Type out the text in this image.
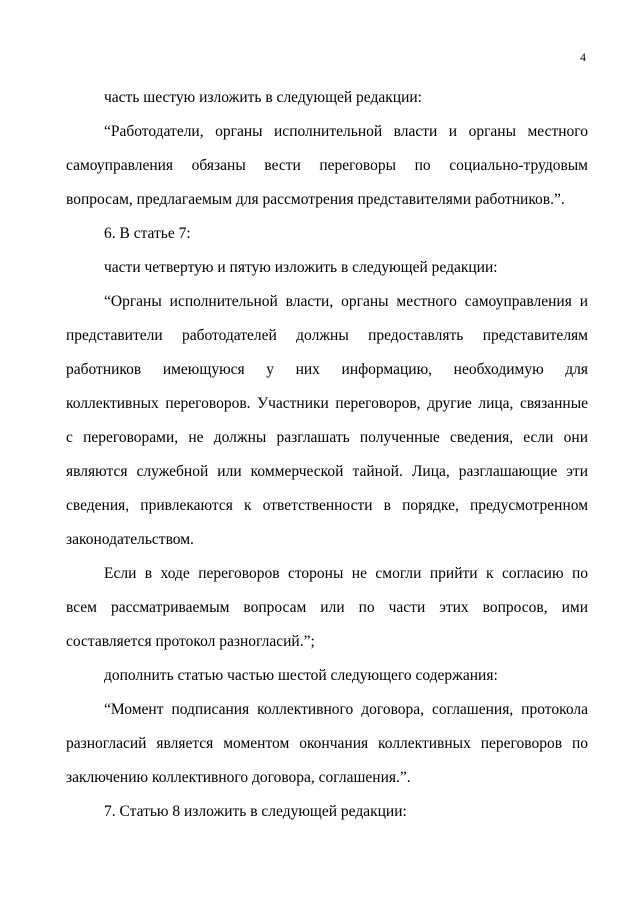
4
часть шестую изложить в следующей редакции:
“Работодатели, органы исполнительной власти и органы местного
самоуправления обязаны вести переговоры по социально-трудовым
вопросам, предлагаемым для рассмотрения представителями работников.”.
6. В статье 7:
части четвертую и пятую изложить в следующей редакции:
“Органы исполнительной власти, органы местного самоуправления и
представители работодателей должны предоставлять представителям
работников имеющуюся у них информацию, необходимую для
коллективных переговоров. Участники переговоров, другие лица, связанные
с переговорами, не должны разглашать полученные сведения, если они
являются служебной или коммерческой тайной. Лица, разглашающие эти
сведения, привлекаются к ответственности в порядке, предусмотренном
законодательством.
Если в ходе переговоров стороны не смогли прийти к согласию по
всем рассматриваемым вопросам или по части этих вопросов, ими
составляется протокол разногласий.”;
дополнить статью частью шестой следующего содержания:
“Момент подписания коллективного договора, соглашения, протокола
разногласий является моментом окончания коллективных переговоров по
заключению коллективного договора, соглашения.”.
7. Статью 8 изложить в следующей редакции:
